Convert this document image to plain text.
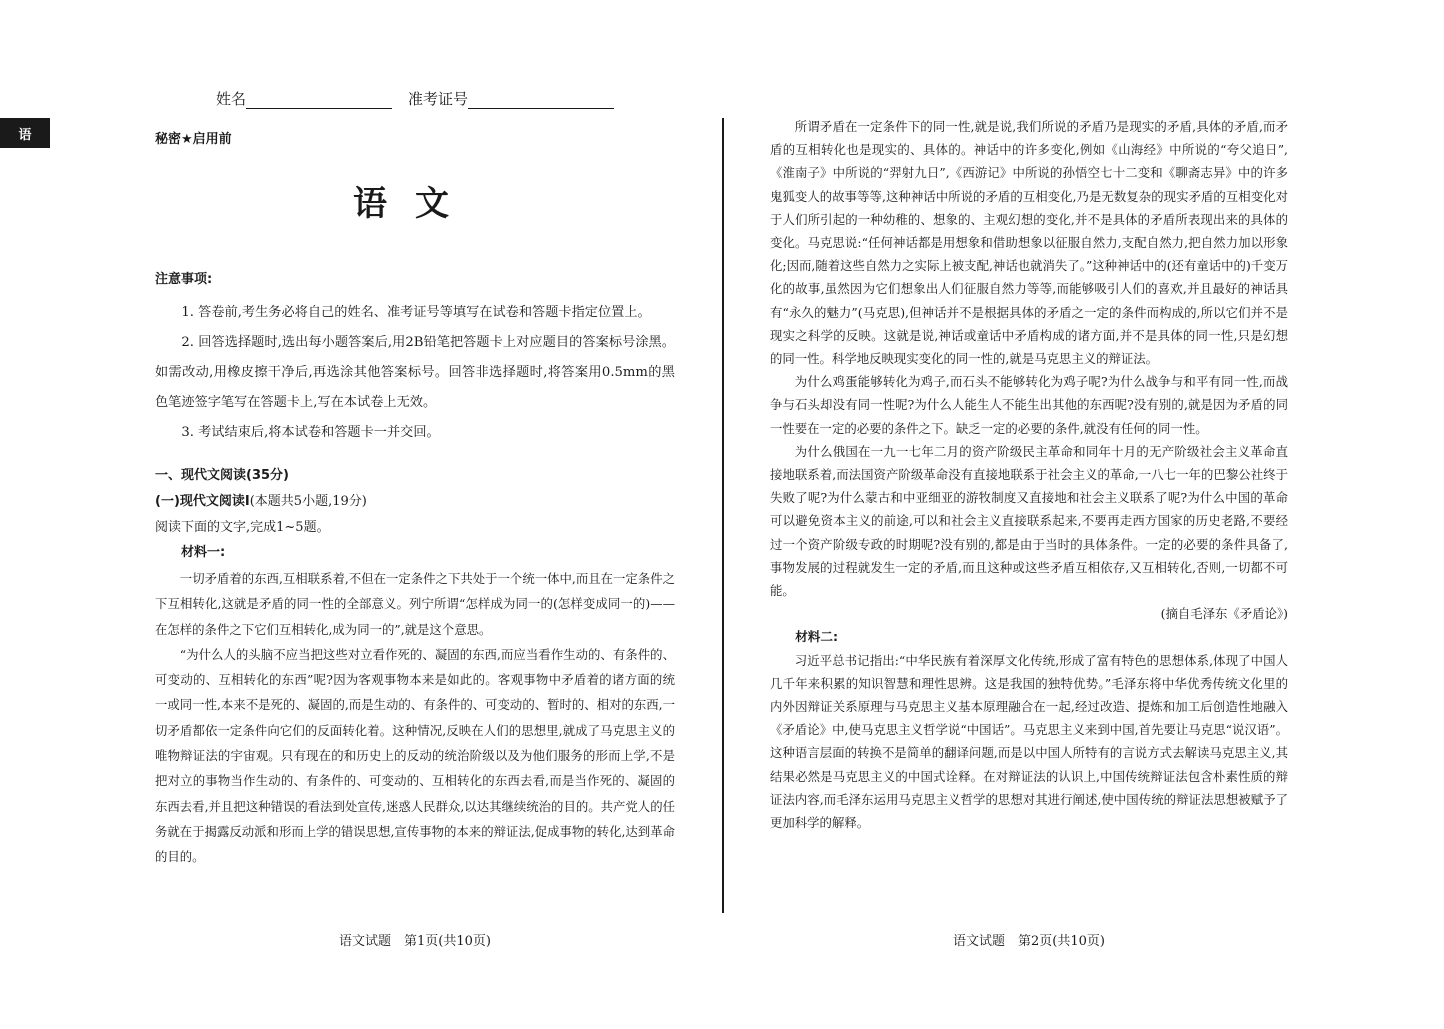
语
姓名	准考证号
秘密★启用前
语文
注意事项:

1. 答卷前,考生务必将自己的姓名、准考证号等填写在试卷和答题卡指定位置上。

2. 回答选择题时,选出每小题答案后,用2B铅笔把答题卡上对应题目的答案标号涂黑。如需改动,用橡皮擦干净后,再选涂其他答案标号。回答非选择题时,将答案用0.5mm的黑色笔迹签字笔写在答题卡上,写在本试卷上无效。

3. 考试结束后,将本试卷和答题卡一并交回。

一、现代文阅读(35分)
(一)现代文阅读Ⅰ(本题共5小题,19分)
阅读下面的文字,完成1~5题。
材料一:

一切矛盾着的东西,互相联系着,不但在一定条件之下共处于一个统一体中,而且在一定条件之下互相转化,这就是矛盾的同一性的全部意义。列宁所谓“怎样成为同一的(怎样变成同一的)——在怎样的条件之下它们互相转化,成为同一的”,就是这个意思。

“为什么人的头脑不应当把这些对立看作死的、凝固的东西,而应当看作生动的、有条件的、可变动的、互相转化的东西”呢?因为客观事物本来是如此的。客观事物中矛盾着的诸方面的统一或同一性,本来不是死的、凝固的,而是生动的、有条件的、可变动的、暂时的、相对的东西,一切矛盾都依一定条件向它们的反面转化着。这种情况,反映在人们的思想里,就成了马克思主义的唯物辩证法的宇宙观。只有现在的和历史上的反动的统治阶级以及为他们服务的形而上学,不是把对立的事物当作生动的、有条件的、可变动的、互相转化的东西去看,而是当作死的、凝固的东西去看,并且把这种错误的看法到处宣传,迷惑人民群众,以达其继续统治的目的。共产党人的任务就在于揭露反动派和形而上学的错误思想,宣传事物的本来的辩证法,促成事物的转化,达到革命的目的。

所谓矛盾在一定条件下的同一性,就是说,我们所说的矛盾乃是现实的矛盾,具体的矛盾,而矛盾的互相转化也是现实的、具体的。神话中的许多变化,例如《山海经》中所说的“夸父追日”,《淮南子》中所说的“羿射九日”,《西游记》中所说的孙悟空七十二变和《聊斋志异》中的许多鬼狐变人的故事等等,这种神话中所说的矛盾的互相变化,乃是无数复杂的现实矛盾的互相变化对于人们所引起的一种幼稚的、想象的、主观幻想的变化,并不是具体的矛盾所表现出来的具体的变化。马克思说:“任何神话都是用想象和借助想象以征服自然力,支配自然力,把自然力加以形象化;因而,随着这些自然力之实际上被支配,神话也就消失了。”这种神话中的(还有童话中的)千变万化的故事,虽然因为它们想象出人们征服自然力等等,而能够吸引人们的喜欢,并且最好的神话具有“永久的魅力”(马克思),但神话并不是根据具体的矛盾之一定的条件而构成的,所以它们并不是现实之科学的反映。这就是说,神话或童话中矛盾构成的诸方面,并不是具体的同一性,只是幻想的同一性。科学地反映现实变化的同一性的,就是马克思主义的辩证法。

为什么鸡蛋能够转化为鸡子,而石头不能够转化为鸡子呢?为什么战争与和平有同一性,而战争与石头却没有同一性呢?为什么人能生人不能生出其他的东西呢?没有别的,就是因为矛盾的同一性要在一定的必要的条件之下。缺乏一定的必要的条件,就没有任何的同一性。

为什么俄国在一九一七年二月的资产阶级民主革命和同年十月的无产阶级社会主义革命直接地联系着,而法国资产阶级革命没有直接地联系于社会主义的革命,一八七一年的巴黎公社终于失败了呢?为什么蒙古和中亚细亚的游牧制度又直接地和社会主义联系了呢?为什么中国的革命可以避免资本主义的前途,可以和社会主义直接联系起来,不要再走西方国家的历史老路,不要经过一个资产阶级专政的时期呢?没有别的,都是由于当时的具体条件。一定的必要的条件具备了,事物发展的过程就发生一定的矛盾,而且这种或这些矛盾互相依存,又互相转化,否则,一切都不可能。

(摘自毛泽东《矛盾论》)

材料二:

习近平总书记指出:“中华民族有着深厚文化传统,形成了富有特色的思想体系,体现了中国人几千年来积累的知识智慧和理性思辨。这是我国的独特优势。”毛泽东将中华优秀传统文化里的内外因辩证关系原理与马克思主义基本原理融合在一起,经过改造、提炼和加工后创造性地融入《矛盾论》中,使马克思主义哲学说“中国话”。马克思主义来到中国,首先要让马克思“说汉语”。这种语言层面的转换不是简单的翻译问题,而是以中国人所特有的言说方式去解读马克思主义,其结果必然是马克思主义的中国式诠释。在对辩证法的认识上,中国传统辩证法包含朴素性质的辩证法内容,而毛泽东运用马克思主义哲学的思想对其进行阐述,使中国传统的辩证法思想被赋予了更加科学的解释。

语文试题　第1页(共10页)	语文试题　第2页(共10页)
